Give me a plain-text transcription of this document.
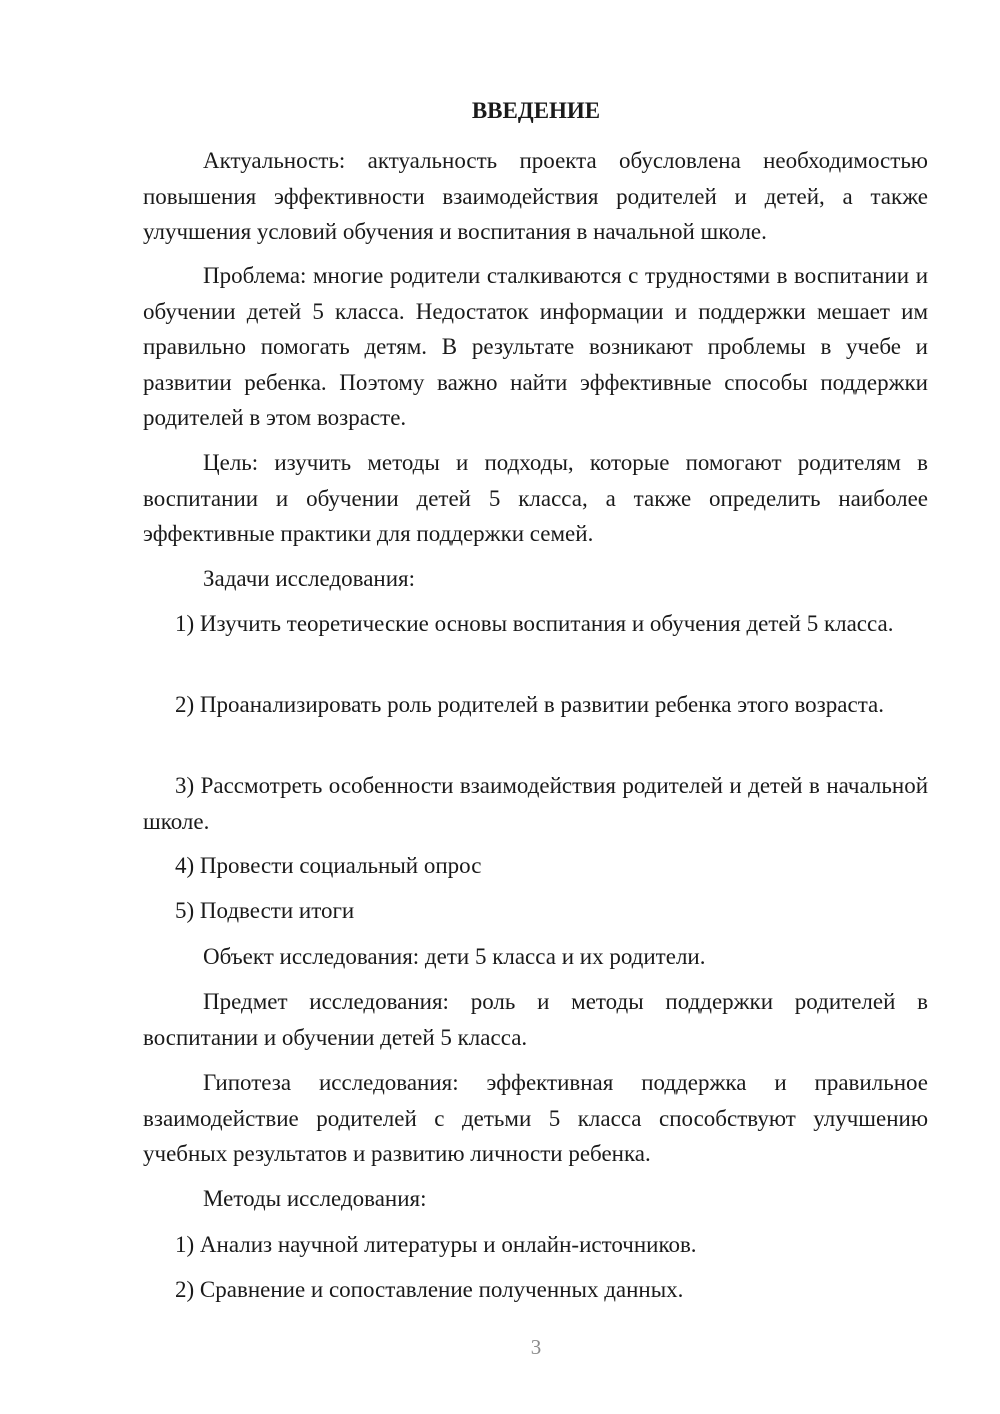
ВВЕДЕНИЕ
Актуальность: актуальность проекта обусловлена необходимостью повышения эффективности взаимодействия родителей и детей, а также улучшения условий обучения и воспитания в начальной школе.
Проблема: многие родители сталкиваются с трудностями в воспитании и обучении детей 5 класса. Недостаток информации и поддержки мешает им правильно помогать детям. В результате возникают проблемы в учебе и развитии ребенка. Поэтому важно найти эффективные способы поддержки родителей в этом возрасте.
Цель: изучить методы и подходы, которые помогают родителям в воспитании и обучении детей 5 класса, а также определить наиболее эффективные практики для поддержки семей.
Задачи исследования:
1) Изучить теоретические основы воспитания и обучения детей 5 класса.
2) Проанализировать роль родителей в развитии ребенка этого возраста.
3) Рассмотреть особенности взаимодействия родителей и детей в начальной школе.
4) Провести социальный опрос
5) Подвести итоги
Объект исследования: дети 5 класса и их родители.
Предмет исследования: роль и методы поддержки родителей в воспитании и обучении детей 5 класса.
Гипотеза исследования: эффективная поддержка и правильное взаимодействие родителей с детьми 5 класса способствуют улучшению учебных результатов и развитию личности ребенка.
Методы исследования:
1) Анализ научной литературы и онлайн-источников.
2) Сравнение и сопоставление полученных данных.
3
